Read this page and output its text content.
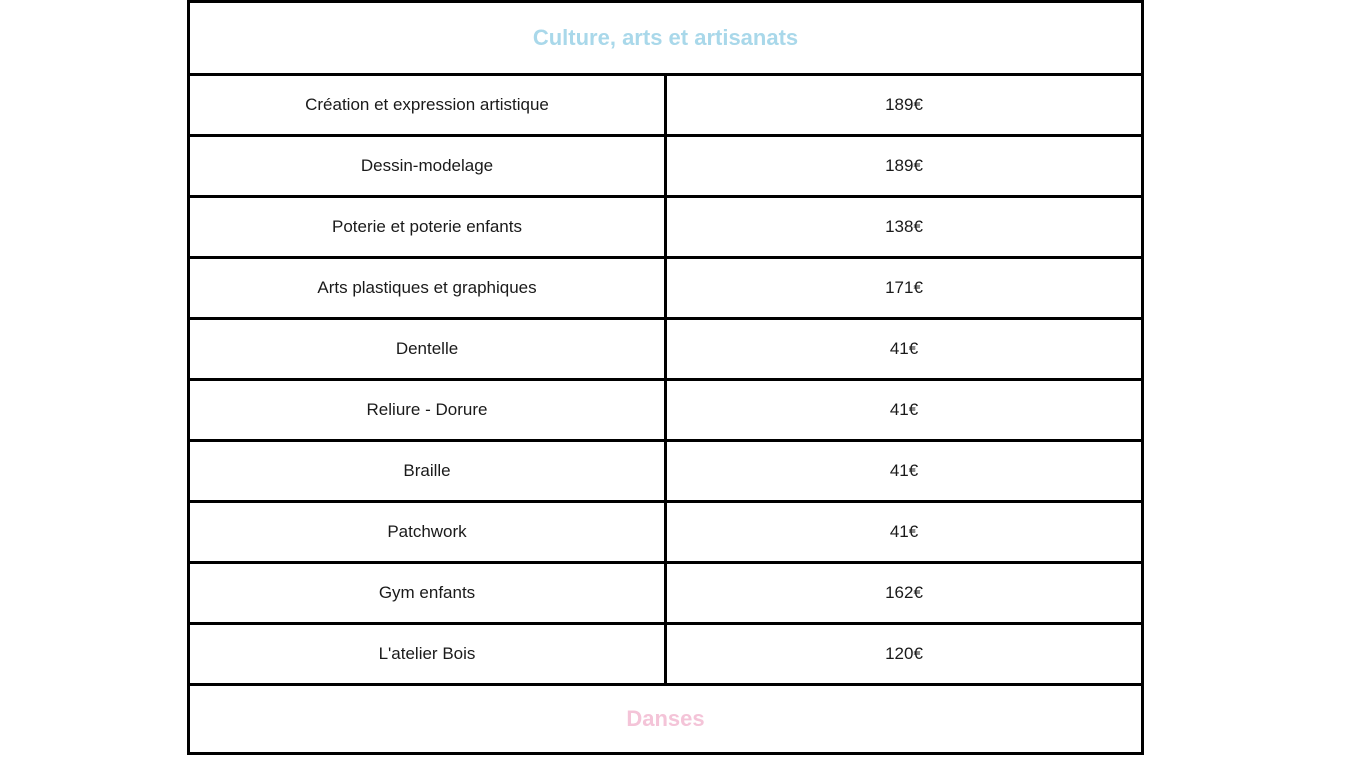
Culture, arts et artisanats	
Création et expression artistique	189€
Dessin-modelage	189€
Poterie et poterie enfants	138€
Arts plastiques et graphiques	171€
Dentelle	41€
Reliure - Dorure	41€
Braille	41€
Patchwork	41€
Gym enfants	162€
L'atelier Bois	120€
Danses	
